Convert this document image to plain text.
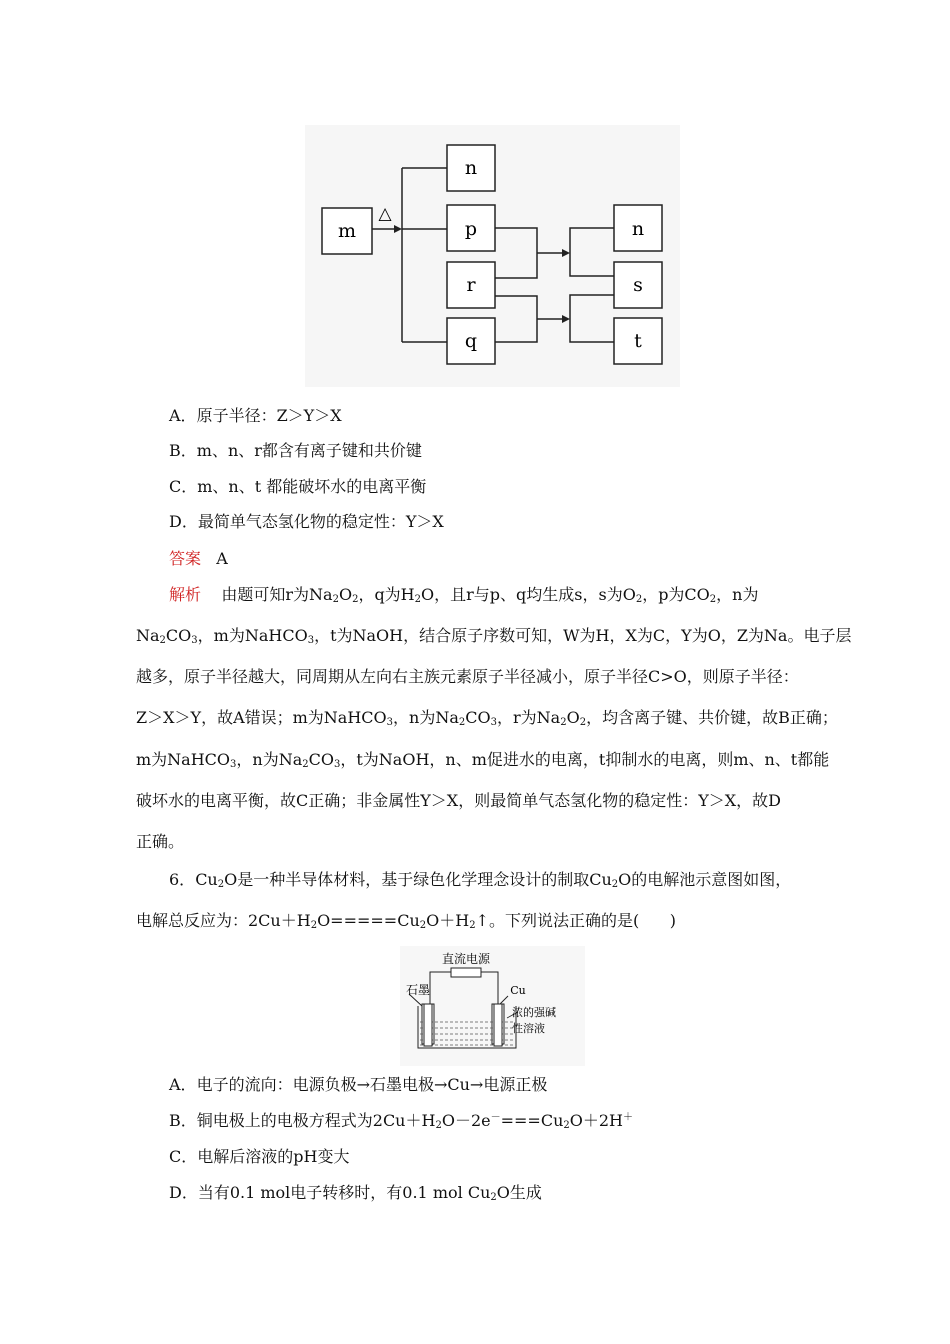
△
m
n
p
r
q
n
s
t
A．原子半径：Z＞Y＞X
B．m、n、r都含有离子键和共价键
C．m、n、t 都能破坏水的电离平衡
D．最简单气态氢化物的稳定性：Y＞X
答案 A
解析    由题可知r为$Na_2O_2$，q为$H_2O$，且r与p、q均生成s，s为$O_2$，p为$CO_2$，n为
$Na_2CO_3$，m为NaHCO$_3$，t为NaOH，结合原子序数可知，W为H，X为C，Y为O，Z为Na。电子层
越多，原子半径越大，同周期从左向右主族元素原子半径减小，原子半径C>O，则原子半径：
Z＞X＞Y，故A错误；m为NaHCO$_3$，n为$Na_2CO_3$，r为$Na_2O_2$，均含离子键、共价键，故B正确；
m为NaHCO$_3$，n为$Na_2CO_3$，t为NaOH，n、m促进水的电离，t抑制水的电离，则m、n、t都能
破坏水的电离平衡，故C正确；非金属性Y＞X，则最简单气态氢化物的稳定性：Y＞X，故D
正确。
6．$Cu_2O$是一种半导体材料，基于绿色化学理念设计的制取$Cu_2O$的电解池示意图如图，
电解总反应为：$2Cu+H_2O=====Cu_2O+H_2↑$。下列说法正确的是(      )
直流电源
石墨	Cu
浓的强碱
性溶液
A．电子的流向：电源负极→石墨电极→Cu→电源正极
B．铜电极上的电极方程式为$2Cu+H_2O-2e^-===Cu_2O+2H^+$
C．电解后溶液的pH变大
D．当有0.1 mol电子转移时，有0.1 mol $Cu_2O$生成
